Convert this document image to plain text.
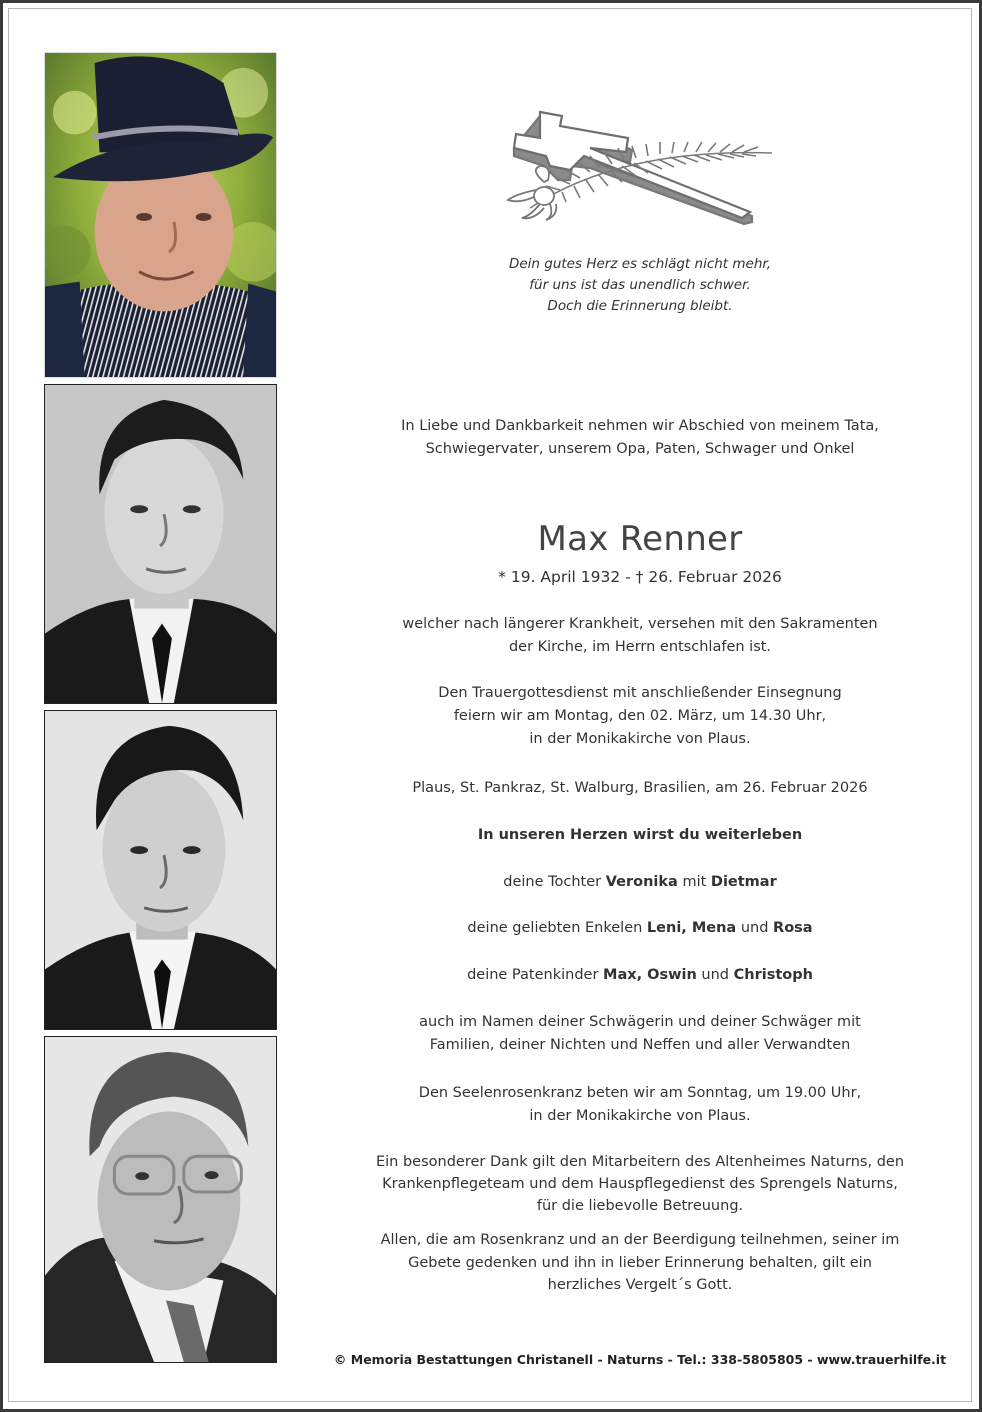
Dein gutes Herz es schlägt nicht mehr,
für uns ist das unendlich schwer.
Doch die Erinnerung bleibt.
In Liebe und Dankbarkeit nehmen wir Abschied von meinem Tata,
Schwiegervater, unserem Opa, Paten, Schwager und Onkel
Max Renner
* 19. April 1932 - † 26. Februar 2026
welcher nach längerer Krankheit, versehen mit den Sakramenten
der Kirche, im Herrn entschlafen ist.
Den Trauergottesdienst mit anschließender Einsegnung
feiern wir am Montag, den 02. März, um 14.30 Uhr,
in der Monikakirche von Plaus.
Plaus, St. Pankraz, St. Walburg, Brasilien, am 26. Februar 2026
In unseren Herzen wirst du weiterleben
deine Tochter Veronika mit Dietmar
deine geliebten Enkelen Leni, Mena und Rosa
deine Patenkinder Max, Oswin und Christoph
auch im Namen deiner Schwägerin und deiner Schwäger mit
Familien, deiner Nichten und Neffen und aller Verwandten
Den Seelenrosenkranz beten wir am Sonntag, um 19.00 Uhr,
in der Monikakirche von Plaus.
Ein besonderer Dank gilt den Mitarbeitern des Altenheimes Naturns, den
Krankenpflegeteam und dem Hauspflegedienst des Sprengels Naturns,
für die liebevolle Betreuung.
Allen, die am Rosenkranz und an der Beerdigung teilnehmen, seiner im
Gebete gedenken und ihn in lieber Erinnerung behalten, gilt ein
herzliches Vergelt´s Gott.
© Memoria Bestattungen Christanell - Naturns - Tel.: 338-5805805 - www.trauerhilfe.it
